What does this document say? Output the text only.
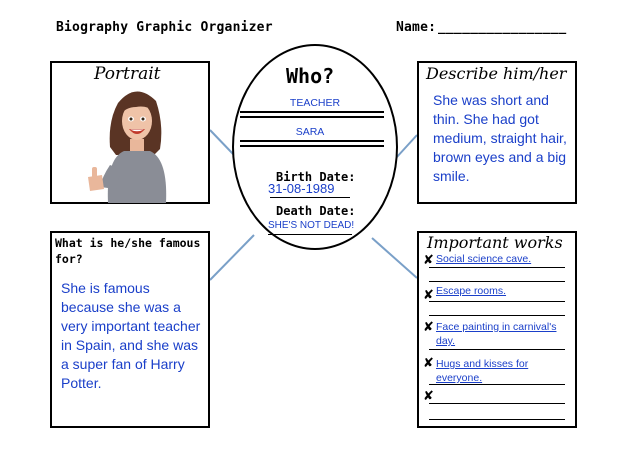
Biography Graphic Organizer	Name: ________________
Portrait	Who?
TEACHER
SARA
Birth Date:
31-08-1989
Death Date:
SHE'S NOT DEAD!
Describe him/her
She was short and thin. She had got medium, straight hair, brown eyes and a big smile.
What is he/she famous for?
She is famous because she was a very important teacher in Spain, and she was a super fan of Harry Potter.
Important works
✘ Social science cave.
✘ Escape rooms.
✘ Face painting in carnival's day.
✘ Hugs and kisses for everyone.
✘
